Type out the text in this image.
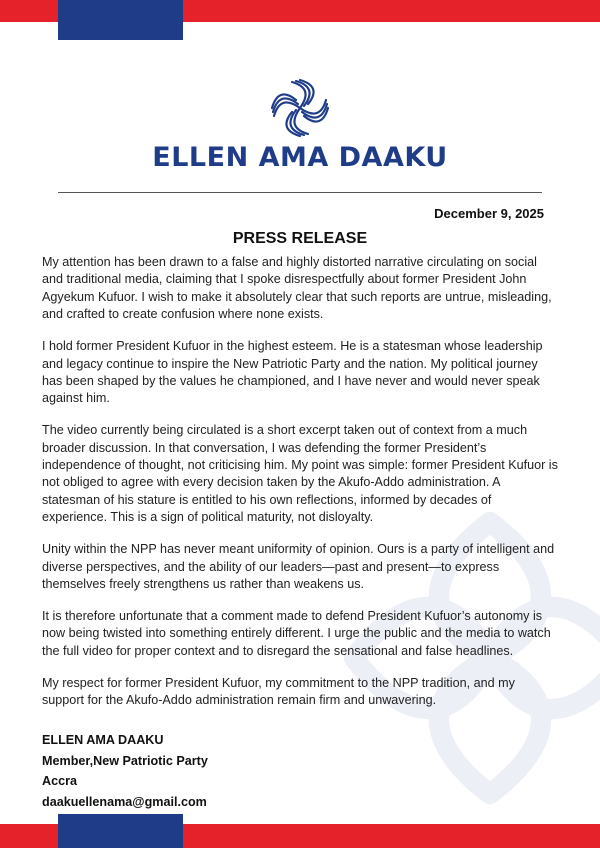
ELLEN AMA DAAKU
December 9, 2025
PRESS RELEASE

My attention has been drawn to a false and highly distorted narrative circulating on social and traditional media, claiming that I spoke disrespectfully about former President John Agyekum Kufuor. I wish to make it absolutely clear that such reports are untrue, misleading, and crafted to create confusion where none exists.

I hold former President Kufuor in the highest esteem. He is a statesman whose leadership and legacy continue to inspire the New Patriotic Party and the nation. My political journey has been shaped by the values he championed, and I have never and would never speak against him.

The video currently being circulated is a short excerpt taken out of context from a much broader discussion. In that conversation, I was defending the former President’s independence of thought, not criticising him. My point was simple: former President Kufuor is not obliged to agree with every decision taken by the Akufo-Addo administration. A statesman of his stature is entitled to his own reflections, informed by decades of experience. This is a sign of political maturity, not disloyalty.

Unity within the NPP has never meant uniformity of opinion. Ours is a party of intelligent and diverse perspectives, and the ability of our leaders—past and present—to express themselves freely strengthens us rather than weakens us.

It is therefore unfortunate that a comment made to defend President Kufuor’s autonomy is now being twisted into something entirely different. I urge the public and the media to watch the full video for proper context and to disregard the sensational and false headlines.

My respect for former President Kufuor, my commitment to the NPP tradition, and my support for the Akufo-Addo administration remain firm and unwavering.

ELLEN AMA DAAKU
Member,New Patriotic Party
Accra
daakuellenama@gmail.com
